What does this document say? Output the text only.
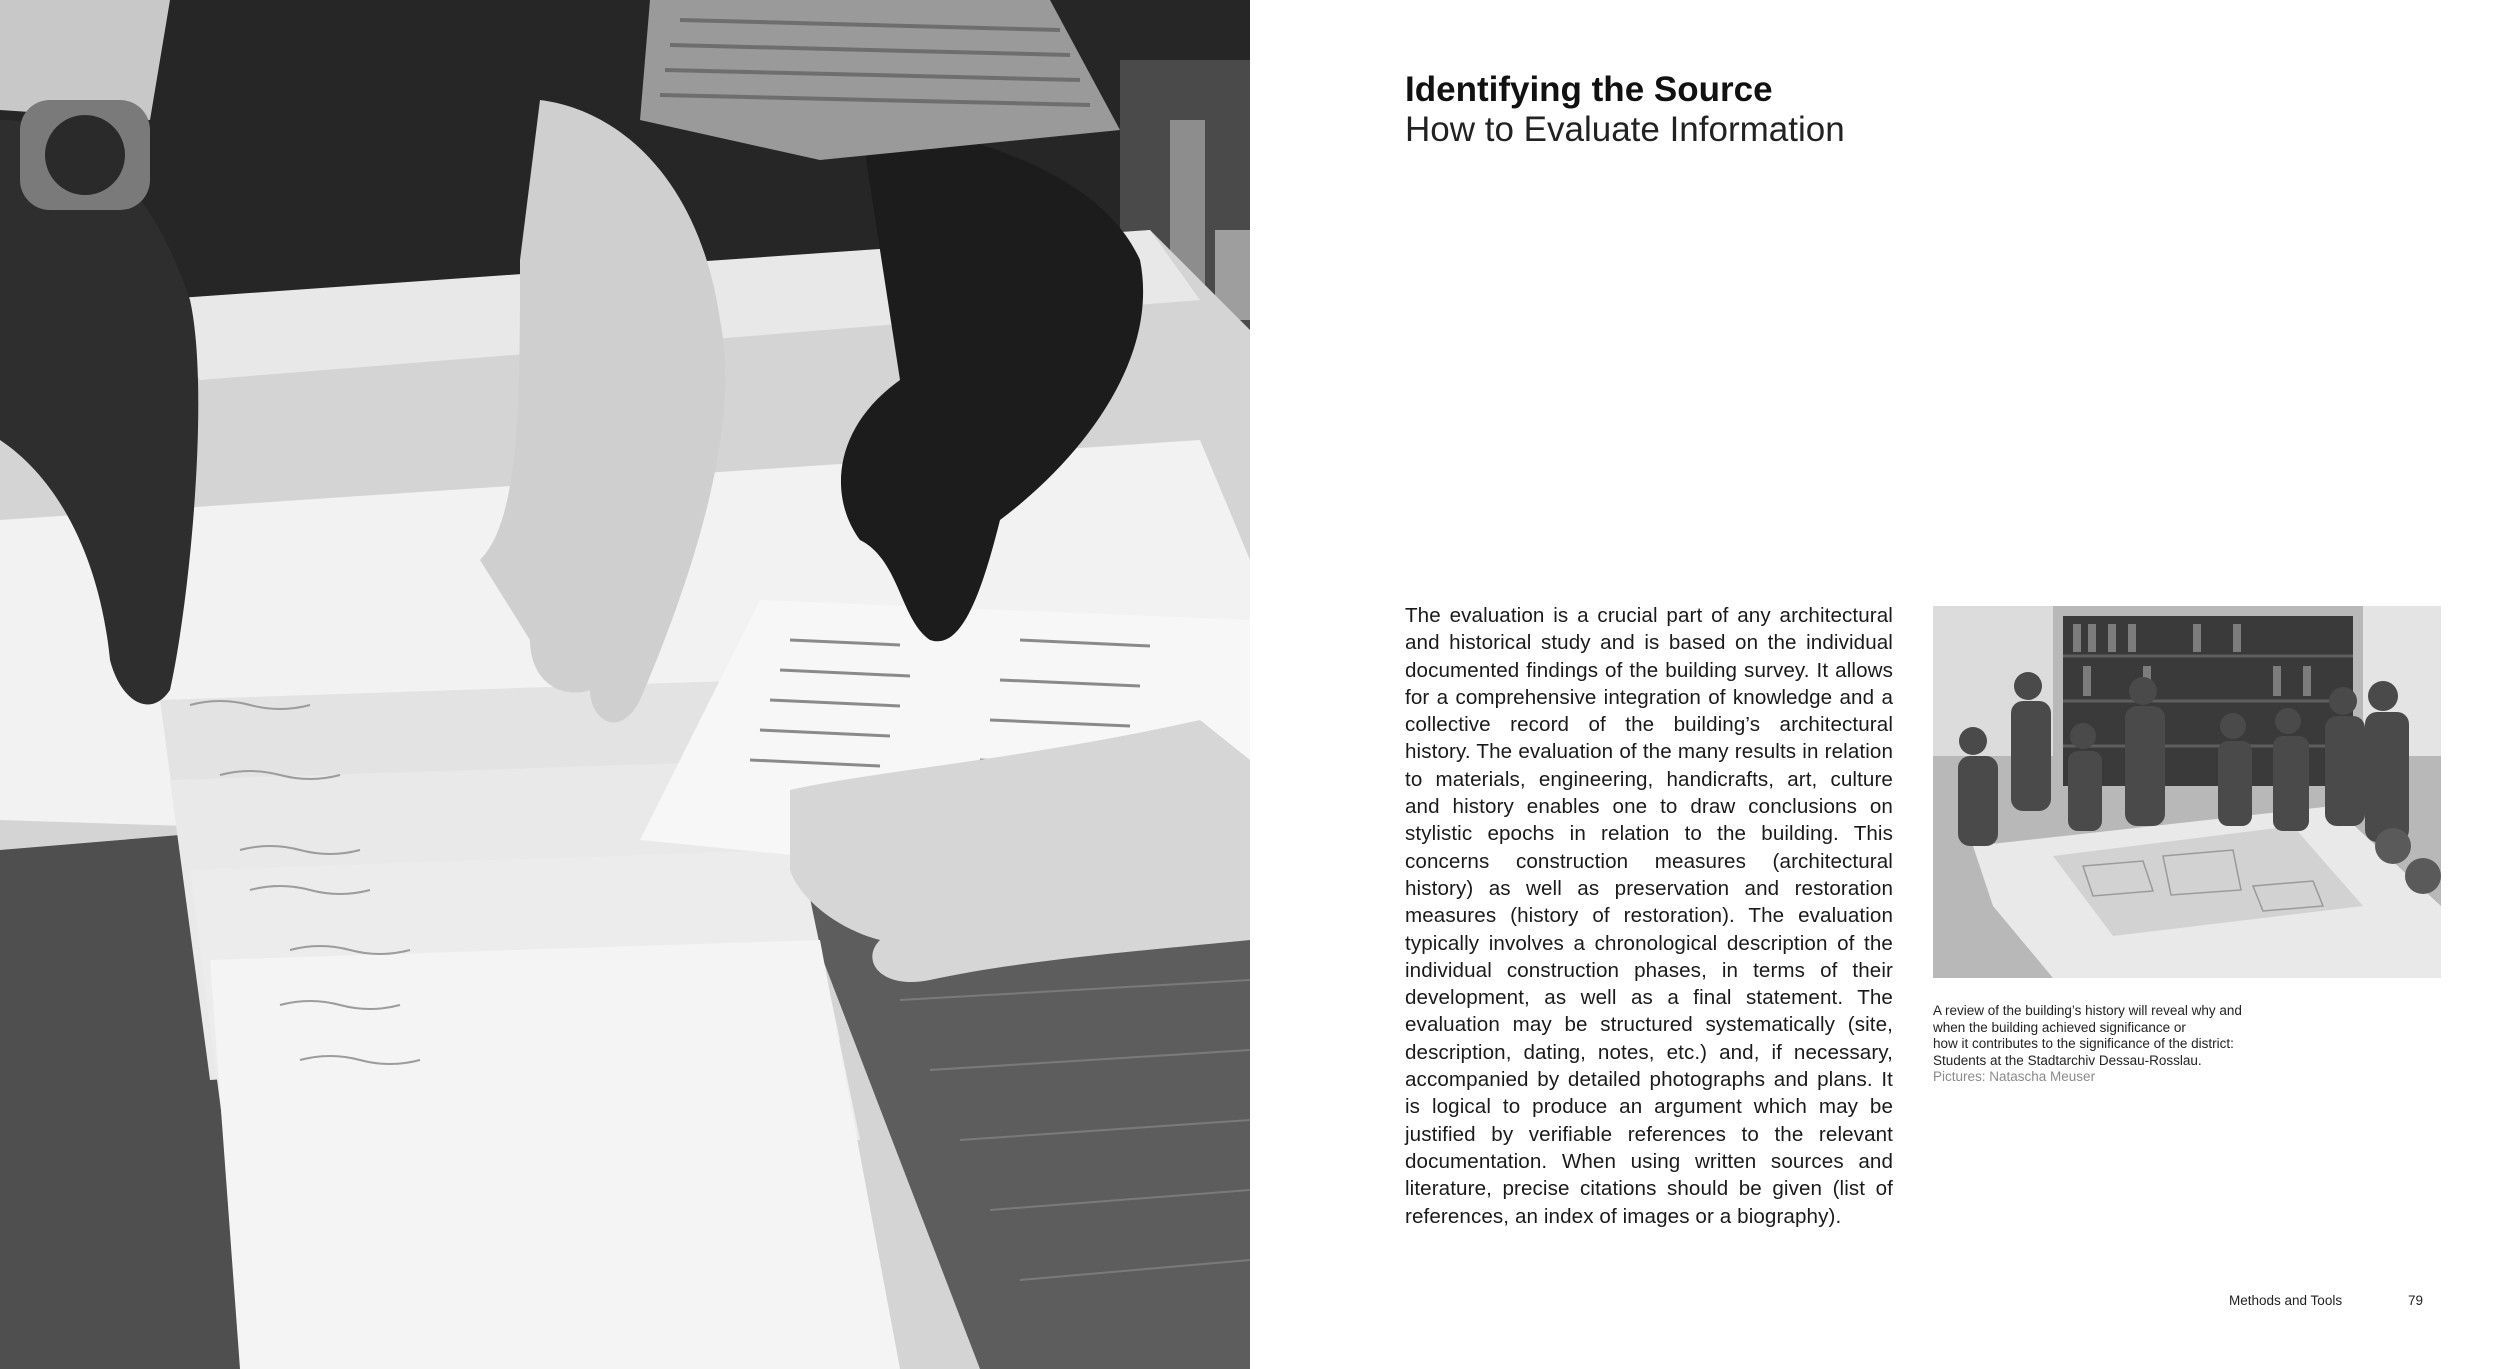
Identifying the Source
How to Evaluate Information
The evaluation is a crucial part of any architectural and historical study and is based on the individual documented findings of the building survey. It allows for a comprehensive integration of knowledge and a collective record of the building’s architectural history. The evaluation of the many results in relation to materials, engineering, handicrafts, art, culture and history enables one to draw conclusions on stylistic epochs in relation to the building. This concerns construction measures (architectural history) as well as preservation and restoration measures (history of restoration). The evaluation typically involves a chronological description of the individual construction phases, in terms of their development, as well as a final statement. The evaluation may be structured systematically (site, description, dating, notes, etc.) and, if necessary, accompanied by detailed photographs and plans. It is logical to produce an argument which may be justified by verifiable references to the relevant documentation. When using written sources and literature, precise citations should be given (list of references, an index of images or a biography).
A review of the building’s history will reveal why and
when the building achieved significance or
how it contributes to the significance of the district:
Students at the Stadtarchiv Dessau-Rosslau.
Pictures: Natascha Meuser
Methods and Tools	79
